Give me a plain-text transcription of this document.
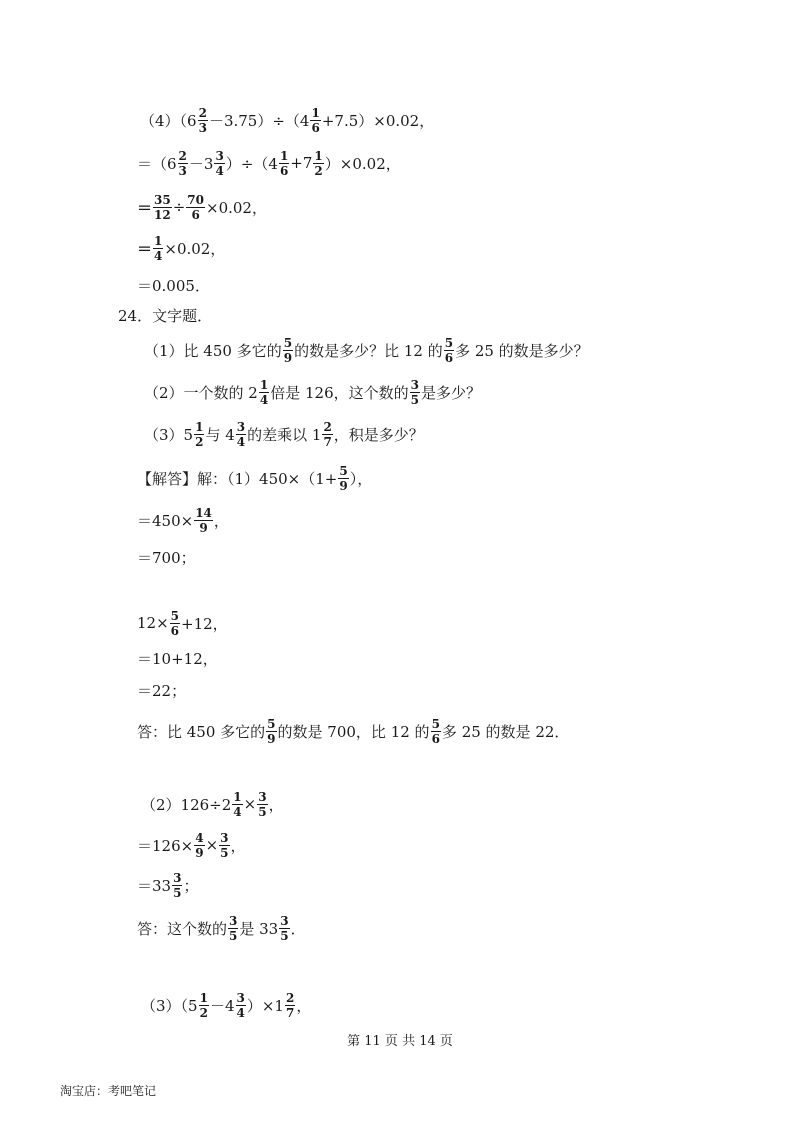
$(4)(6 \frac{2}{3} -3.75)\div(4 \frac{1}{6} +7.5)\times 0.02$，
$=(6 \frac{2}{3} -3 \frac{3}{4} )\div(4 \frac{1}{6} +7 \frac{1}{2} )\times 0.02$，
＝ $\frac{35}{12} \div \frac{70}{6} \times 0.02$，
＝ $\frac{1}{4} \times 0.02$，
＝0.005．
24．文字题．
（1）比 450 多它的 $\frac{5}{9}$ 的数是多少？比 12 的 $\frac{5}{6}$ 多 25 的数是多少？
（2）一个数的 $2 \frac{1}{4}$ 倍是 126，这个数的 $\frac{3}{5}$ 是多少？
$(3)5 \frac{1}{2}$ 与 $4 \frac{3}{4}$ 的差乘以 $1 \frac{2}{7}$ ，积是多少？
【解答】解：$(1)450\times(1+ \frac{5}{9}$ ），
$=450\times \frac{14}{9}$ ，
＝700；
$12\times \frac{5}{6} +12$，
＝10+12，
＝22；
答：比 450 多它的 $\frac{5}{9}$ 的数是 700，比 12 的 $\frac{5}{6}$ 多 25 的数是 22．
$(2)126\div 2 \frac{1}{4} \times \frac{3}{5}$ ，
$=126\times \frac{4}{9} \times \frac{3}{5}$ ，
$=33 \frac{3}{5}$ ；
答：这个数的 $\frac{3}{5}$ 是 $33 \frac{3}{5}$ ．
$(3)(5 \frac{1}{2} -4 \frac{3}{4} )\times 1 \frac{2}{7}$ ，
第 11 页 共 14 页
淘宝店：考吧笔记
